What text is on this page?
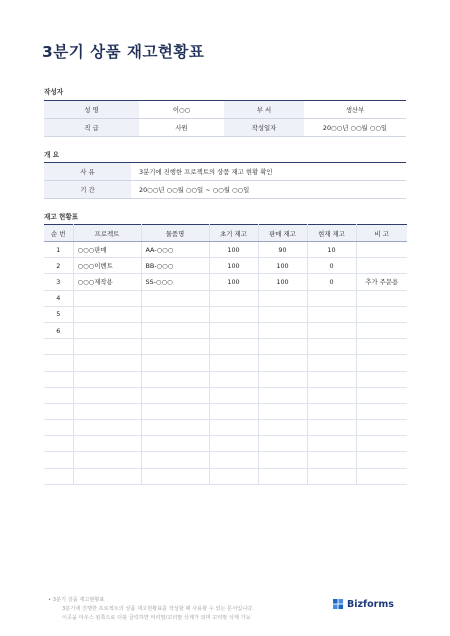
3분기 상품 재고현황표
작성자
성 명	이○○	부 서	생산부
직 급	사원	작성일자	20○○년 ○○월 ○○일
개 요
사 유	3분기에 진행한 프로젝트의 상품 재고 현황 확인
기 간	20○○년 ○○월 ○○일 ~ ○○월 ○○일
재고 현황표
순 번	프로젝트	물품명	초기 재고	판매 재고	현재 재고	비 고
1	○○○판매	AA-○○○	100	90	10	
2	○○○이벤트	BB-○○○	100	100	0	
3	○○○제작용	SS-○○○	100	100	0	추가 주문용
4						
5						
6						

• 3분기 상품 재고현황표
3분기에 진행한 프로젝트의 상품 재고현황표를 작성할 때 사용할 수 있는 문서입니다.
이곳을 마우스 왼쪽으로 더블 클릭하면 머리말/꼬리말 삭제가 되며 꼬리말 삭제 가능
Bizforms
